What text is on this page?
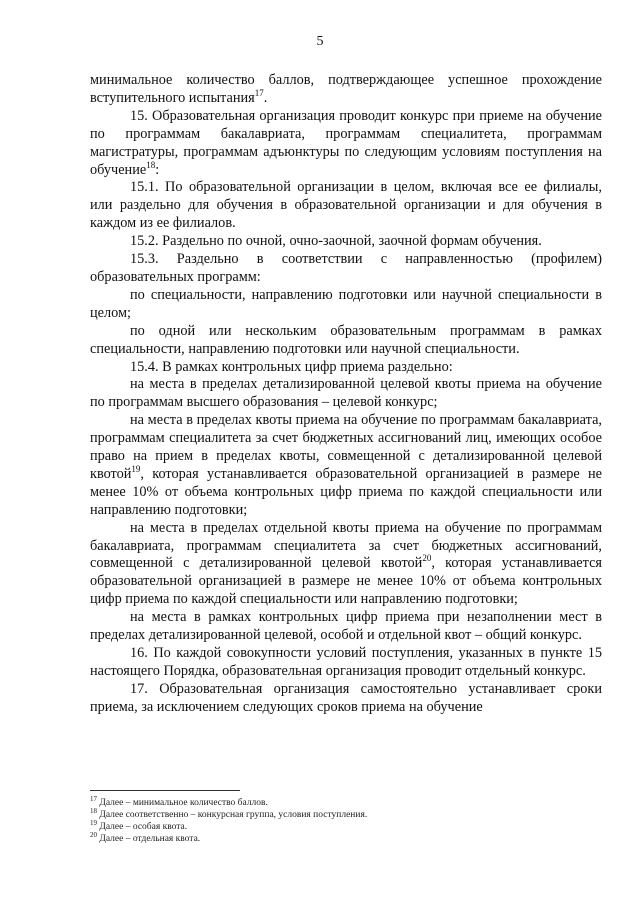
5

минимальное количество баллов, подтверждающее успешное прохождение вступительного испытания$^{17}$.

15. Образовательная организация проводит конкурс при приеме на обучение по программам бакалавриата, программам специалитета, программам магистратуры, программам адъюнктуры по следующим условиям поступления на обучение$^{18}$:

15.1. По образовательной организации в целом, включая все ее филиалы, или раздельно для обучения в образовательной организации и для обучения в каждом из ее филиалов.

15.2. Раздельно по очной, очно-заочной, заочной формам обучения.

15.3. Раздельно в соответствии с направленностью (профилем) образовательных программ:

по специальности, направлению подготовки или научной специальности в целом;

по одной или нескольким образовательным программам в рамках специальности, направлению подготовки или научной специальности.

15.4. В рамках контрольных цифр приема раздельно:

на места в пределах детализированной целевой квоты приема на обучение по программам высшего образования – целевой конкурс;

на места в пределах квоты приема на обучение по программам бакалавриата, программам специалитета за счет бюджетных ассигнований лиц, имеющих особое право на прием в пределах квоты, совмещенной с детализированной целевой квотой$^{19}$, которая устанавливается образовательной организацией в размере не менее 10% от объема контрольных цифр приема по каждой специальности или направлению подготовки;

на места в пределах отдельной квоты приема на обучение по программам бакалавриата, программам специалитета за счет бюджетных ассигнований, совмещенной с детализированной целевой квотой$^{20}$, которая устанавливается образовательной организацией в размере не менее 10% от объема контрольных цифр приема по каждой специальности или направлению подготовки;

на места в рамках контрольных цифр приема при незаполнении мест в пределах детализированной целевой, особой и отдельной квот – общий конкурс.

16. По каждой совокупности условий поступления, указанных в пункте 15 настоящего Порядка, образовательная организация проводит отдельный конкурс.

17. Образовательная организация самостоятельно устанавливает сроки приема, за исключением следующих сроков приема на обучение

$^{17}$ Далее – минимальное количество баллов.
$^{18}$ Далее соответственно – конкурсная группа, условия поступления.
$^{19}$ Далее – особая квота.
$^{20}$ Далее – отдельная квота.
